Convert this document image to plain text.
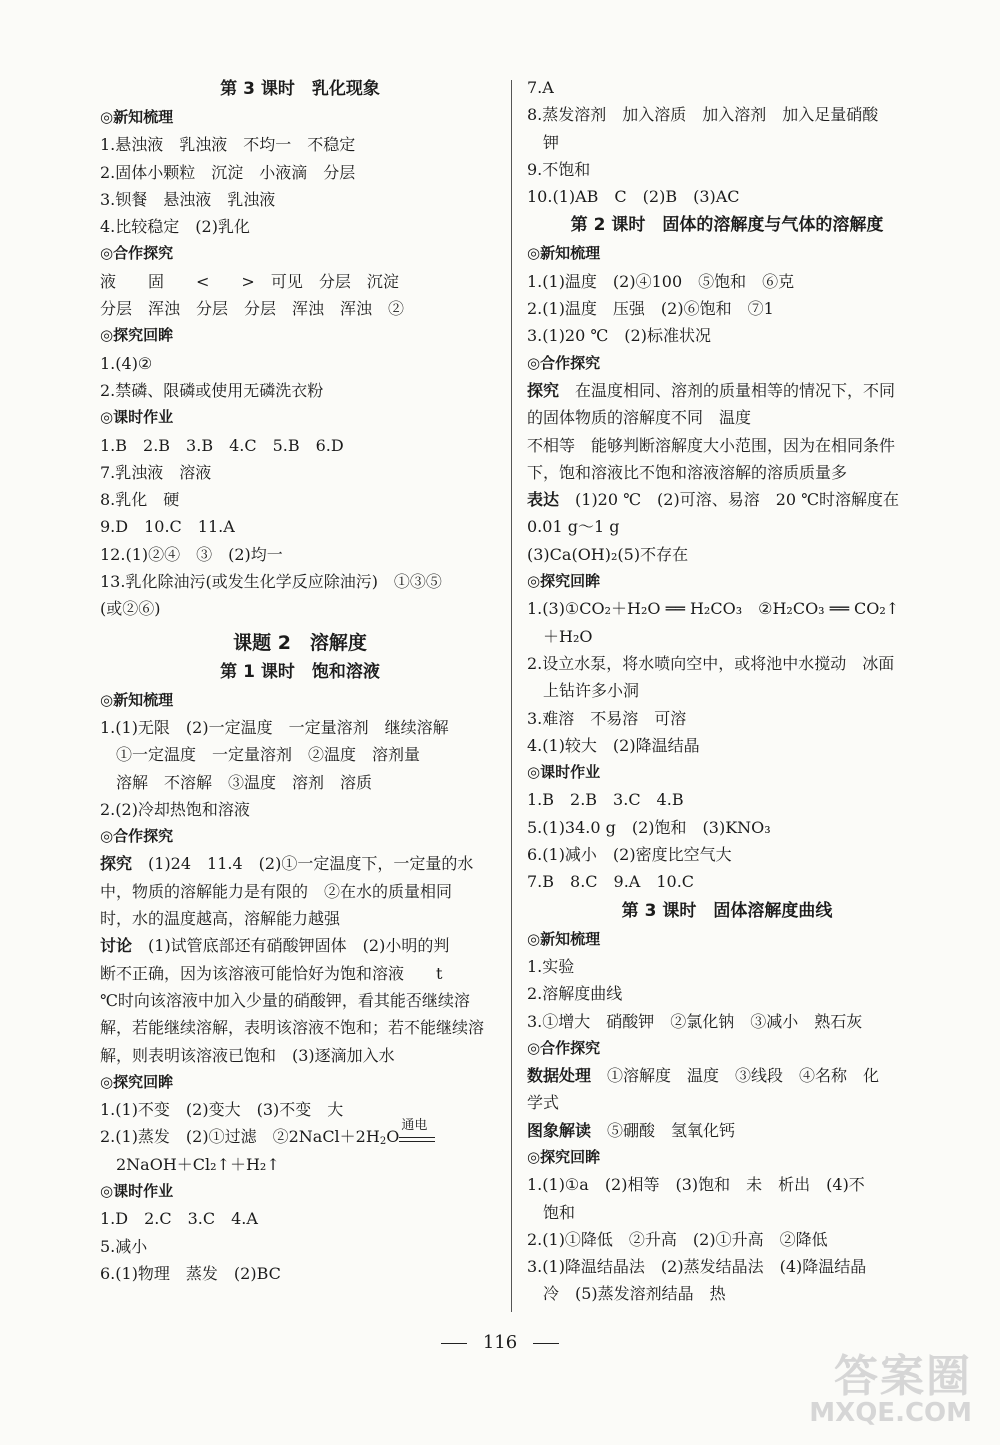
第 3 课时　乳化现象
◎新知梳理
1.悬浊液　乳浊液　不均一　不稳定
2.固体小颗粒　沉淀　小液滴　分层
3.钡餐　悬浊液　乳浊液
4.比较稳定　(2)乳化
◎合作探究
液　　固　　<　　>　可见　分层　沉淀
分层　浑浊　分层　分层　浑浊　浑浊　②
◎探究回眸
1.(4)②
2.禁磷、限磷或使用无磷洗衣粉
◎课时作业
1.B　2.B　3.B　4.C　5.B　6.D
7.乳浊液　溶液
8.乳化　硬
9.D　10.C　11.A
12.(1)②④　③　(2)均一
13.乳化除油污(或发生化学反应除油污)　①③⑤
(或②⑥)
课题 2　溶解度
第 1 课时　饱和溶液
◎新知梳理
1.(1)无限　(2)一定温度　一定量溶剂　继续溶解
①一定温度　一定量溶剂　②温度　溶剂量
溶解　不溶解　③温度　溶剂　溶质
2.(2)冷却热饱和溶液
◎合作探究
探究　(1)24　11.4　(2)①一定温度下，一定量的水
中，物质的溶解能力是有限的　②在水的质量相同
时，水的温度越高，溶解能力越强
讨论　(1)试管底部还有硝酸钾固体　(2)小明的判
断不正确，因为该溶液可能恰好为饱和溶液　　t
℃时向该溶液中加入少量的硝酸钾，看其能否继续溶
解，若能继续溶解，表明该溶液不饱和；若不能继续溶
解，则表明该溶液已饱和　(3)逐滴加入水
◎探究回眸
1.(1)不变　(2)变大　(3)不变　大
2.(1)蒸发　(2)①过滤　$②2NaCl+2H_2O$
通电
2NaOH＋Cl₂↑＋H₂↑
◎课时作业
1.D　2.C　3.C　4.A
5.减小
6.(1)物理　蒸发　(2)BC
7.A
8.蒸发溶剂　加入溶质　加入溶剂　加入足量硝酸
钾
9.不饱和
10.(1)AB　C　(2)B　(3)AC
第 2 课时　固体的溶解度与气体的溶解度
◎新知梳理
1.(1)温度　(2)④100　⑤饱和　⑥克
2.(1)温度　压强　(2)⑥饱和　⑦1
3.(1)20 ℃　(2)标准状况
◎合作探究
探究　在温度相同、溶剂的质量相等的情况下，不同
的固体物质的溶解度不同　温度
不相等　能够判断溶解度大小范围，因为在相同条件
下，饱和溶液比不饱和溶液溶解的溶质质量多
表达　(1)20 ℃　(2)可溶、易溶　20 ℃时溶解度在
0.01 g～1 g
(3)Ca(OH)₂(5)不存在
◎探究回眸
1.(3)①CO₂＋H₂O ══ H₂CO₃　②H₂CO₃ ══ CO₂↑
＋H₂O
2.设立水泵，将水喷向空中，或将池中水搅动　冰面
上钻许多小洞
3.难溶　不易溶　可溶
4.(1)较大　(2)降温结晶
◎课时作业
1.B　2.B　3.C　4.B
5.(1)34.0 g　(2)饱和　(3)KNO₃
6.(1)减小　(2)密度比空气大
7.B　8.C　9.A　10.C
第 3 课时　固体溶解度曲线
◎新知梳理
1.实验
2.溶解度曲线
3.①增大　硝酸钾　②氯化钠　③减小　熟石灰
◎合作探究
数据处理　①溶解度　温度　③线段　④名称　化
学式
图象解读　⑤硼酸　氢氧化钙
◎探究回眸
1.(1)①a　(2)相等　(3)饱和　未　析出　(4)不
饱和
2.(1)①降低　②升高　(2)①升高　②降低
3.(1)降温结晶法　(2)蒸发结晶法　(4)降温结晶
冷　(5)蒸发溶剂结晶　热
116
答案圈
MXQE.COM
